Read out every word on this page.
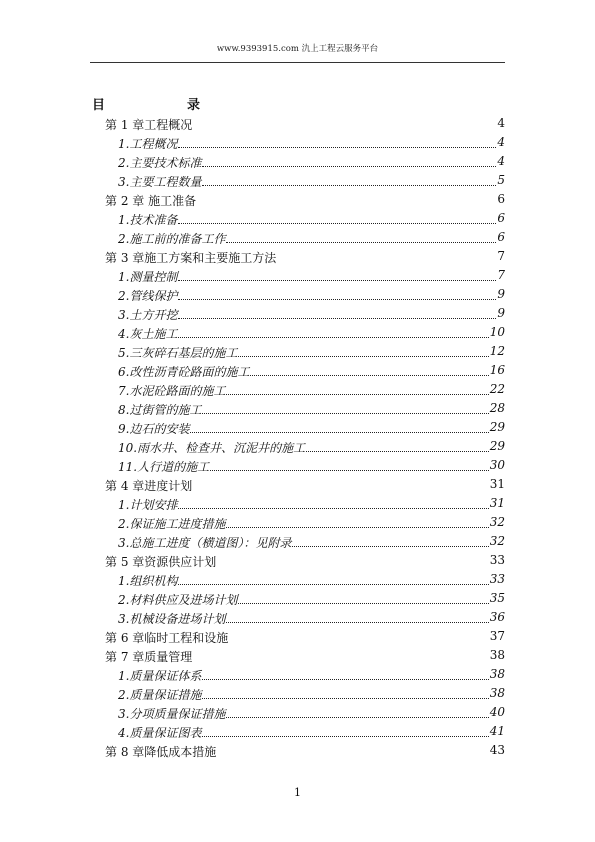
www.9393915.com 氿上工程云服务平台
目	录
第 1 章工程概况	4
1.工程概况	4
2.主要技术标准	4
3.主要工程数量	5
第 2 章 施工准备	6
1.技术准备	6
2.施工前的准备工作	6
第 3 章施工方案和主要施工方法	7
1.测量控制	7
2.管线保护	9
3.土方开挖	9
4.灰土施工	10
5.三灰碎石基层的施工	12
6.改性沥青砼路面的施工	16
7.水泥砼路面的施工	22
8.过街管的施工	28
9.边石的安装	29
10.雨水井、检查井、沉泥井的施工	29
11.人行道的施工	30
第 4 章进度计划	31
1.计划安排	31
2.保证施工进度措施	32
3.总施工进度（横道图）：见附录	32
第 5 章资源供应计划	33
1.组织机构	33
2.材料供应及进场计划	35
3.机械设备进场计划	36
第 6 章临时工程和设施	37
第 7 章质量管理	38
1.质量保证体系	38
2.质量保证措施	38
3.分项质量保证措施	40
4.质量保证图表	41
第 8 章降低成本措施	43
1
